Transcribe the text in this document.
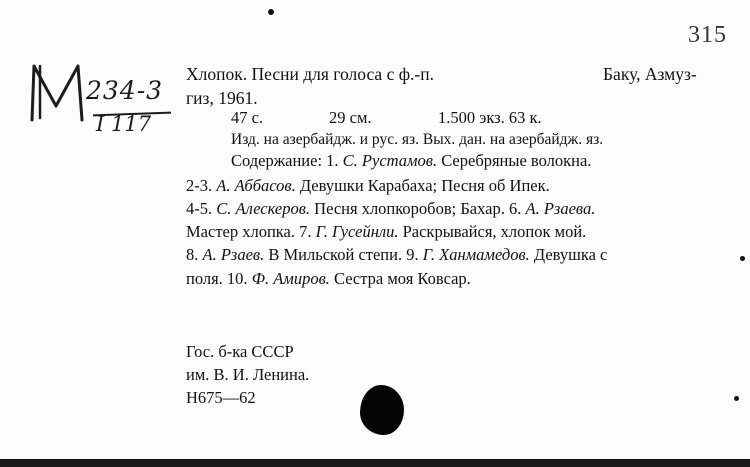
315
234-3
I 117
Хлопок. Песни для голоса с ф.-п.	Баку, Азмуз-
гиз, 1961.
47 с.	29 см.	1.500 экз. 63 к.
Изд. на азербайдж. и рус. яз. Вых. дан. на азербайдж. яз.
Содержание: 1. С. Рустамов. Серебряные волокна.
2-3. А. Аббасов. Девушки Карабаха; Песня об Ипек.
4-5. С. Алескеров. Песня хлопкоробов; Бахар. 6. А. Рзаева.
Мастер хлопка. 7. Г. Гусейнли. Раскрывайся, хлопок мой.
8. А. Рзаев. В Мильской степи. 9. Г. Ханмамедов. Девушка с
поля. 10. Ф. Амиров. Сестра моя Ковсар.
Гос. б-ка СССР
им. В. И. Ленина.
Н675—62
